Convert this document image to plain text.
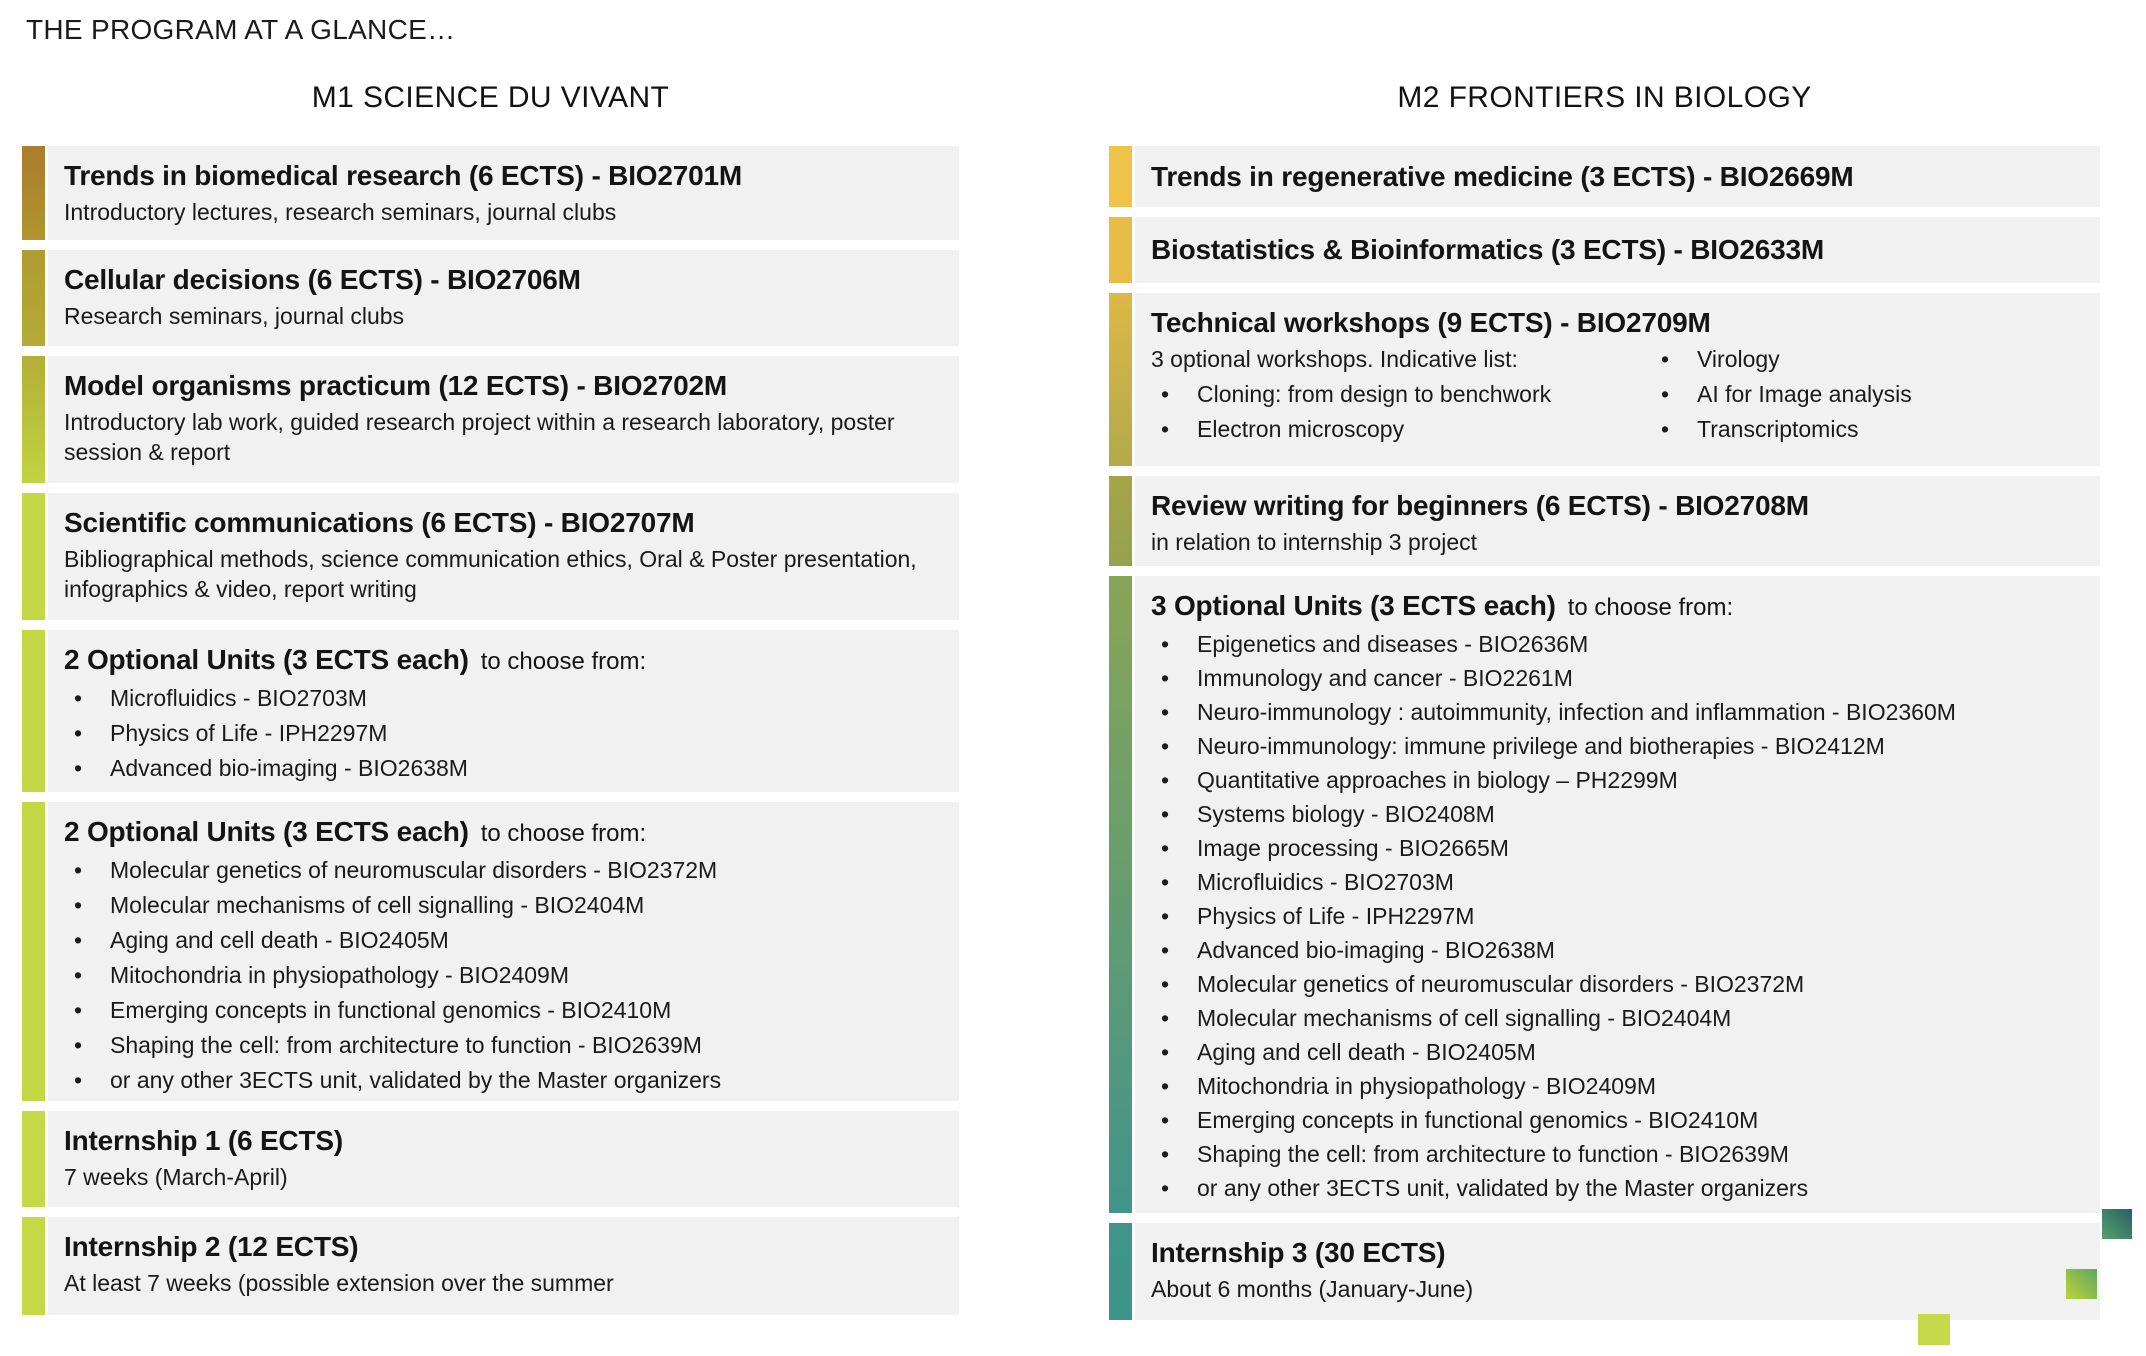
THE PROGRAM AT A GLANCE…
M1 SCIENCE DU VIVANT
Trends in biomedical research (6 ECTS) - BIO2701M
Introductory lectures, research seminars, journal clubs
Cellular decisions (6 ECTS) - BIO2706M
Research seminars, journal clubs
Model organisms practicum (12 ECTS) - BIO2702M
Introductory lab work, guided research project within a research laboratory, poster session & report
Scientific communications (6 ECTS) - BIO2707M
Bibliographical methods, science communication ethics, Oral & Poster presentation, infographics & video, report writing
2 Optional Units (3 ECTS each) to choose from:
•	Microfluidics - BIO2703M
•	Physics of Life - IPH2297M
•	Advanced bio-imaging - BIO2638M
2 Optional Units (3 ECTS each) to choose from:
•	Molecular genetics of neuromuscular disorders - BIO2372M
•	Molecular mechanisms of cell signalling - BIO2404M
•	Aging and cell death - BIO2405M
•	Mitochondria in physiopathology - BIO2409M
•	Emerging concepts in functional genomics - BIO2410M
•	Shaping the cell: from architecture to function - BIO2639M
•	or any other 3ECTS unit, validated by the Master organizers
Internship 1 (6 ECTS)
7 weeks (March-April)
Internship 2 (12 ECTS)
At least 7 weeks (possible extension over the summer
M2 FRONTIERS IN BIOLOGY
Trends in regenerative medicine (3 ECTS) - BIO2669M
Biostatistics & Bioinformatics (3 ECTS) - BIO2633M
Technical workshops (9 ECTS) - BIO2709M
3 optional workshops. Indicative list:
•	Cloning: from design to benchwork
•	Electron microscopy
•	Virology
•	AI for Image analysis
•	Transcriptomics
Review writing for beginners (6 ECTS) - BIO2708M
in relation to internship 3 project
3 Optional Units (3 ECTS each) to choose from:
•	Epigenetics and diseases - BIO2636M
•	Immunology and cancer - BIO2261M
•	Neuro-immunology : autoimmunity, infection and inflammation - BIO2360M
•	Neuro-immunology: immune privilege and biotherapies - BIO2412M
•	Quantitative approaches in biology – PH2299M
•	Systems biology - BIO2408M
•	Image processing - BIO2665M
•	Microfluidics - BIO2703M
•	Physics of Life - IPH2297M
•	Advanced bio-imaging - BIO2638M
•	Molecular genetics of neuromuscular disorders - BIO2372M
•	Molecular mechanisms of cell signalling - BIO2404M
•	Aging and cell death - BIO2405M
•	Mitochondria in physiopathology - BIO2409M
•	Emerging concepts in functional genomics - BIO2410M
•	Shaping the cell: from architecture to function - BIO2639M
•	or any other 3ECTS unit, validated by the Master organizers
Internship 3 (30 ECTS)
About 6 months (January-June)
